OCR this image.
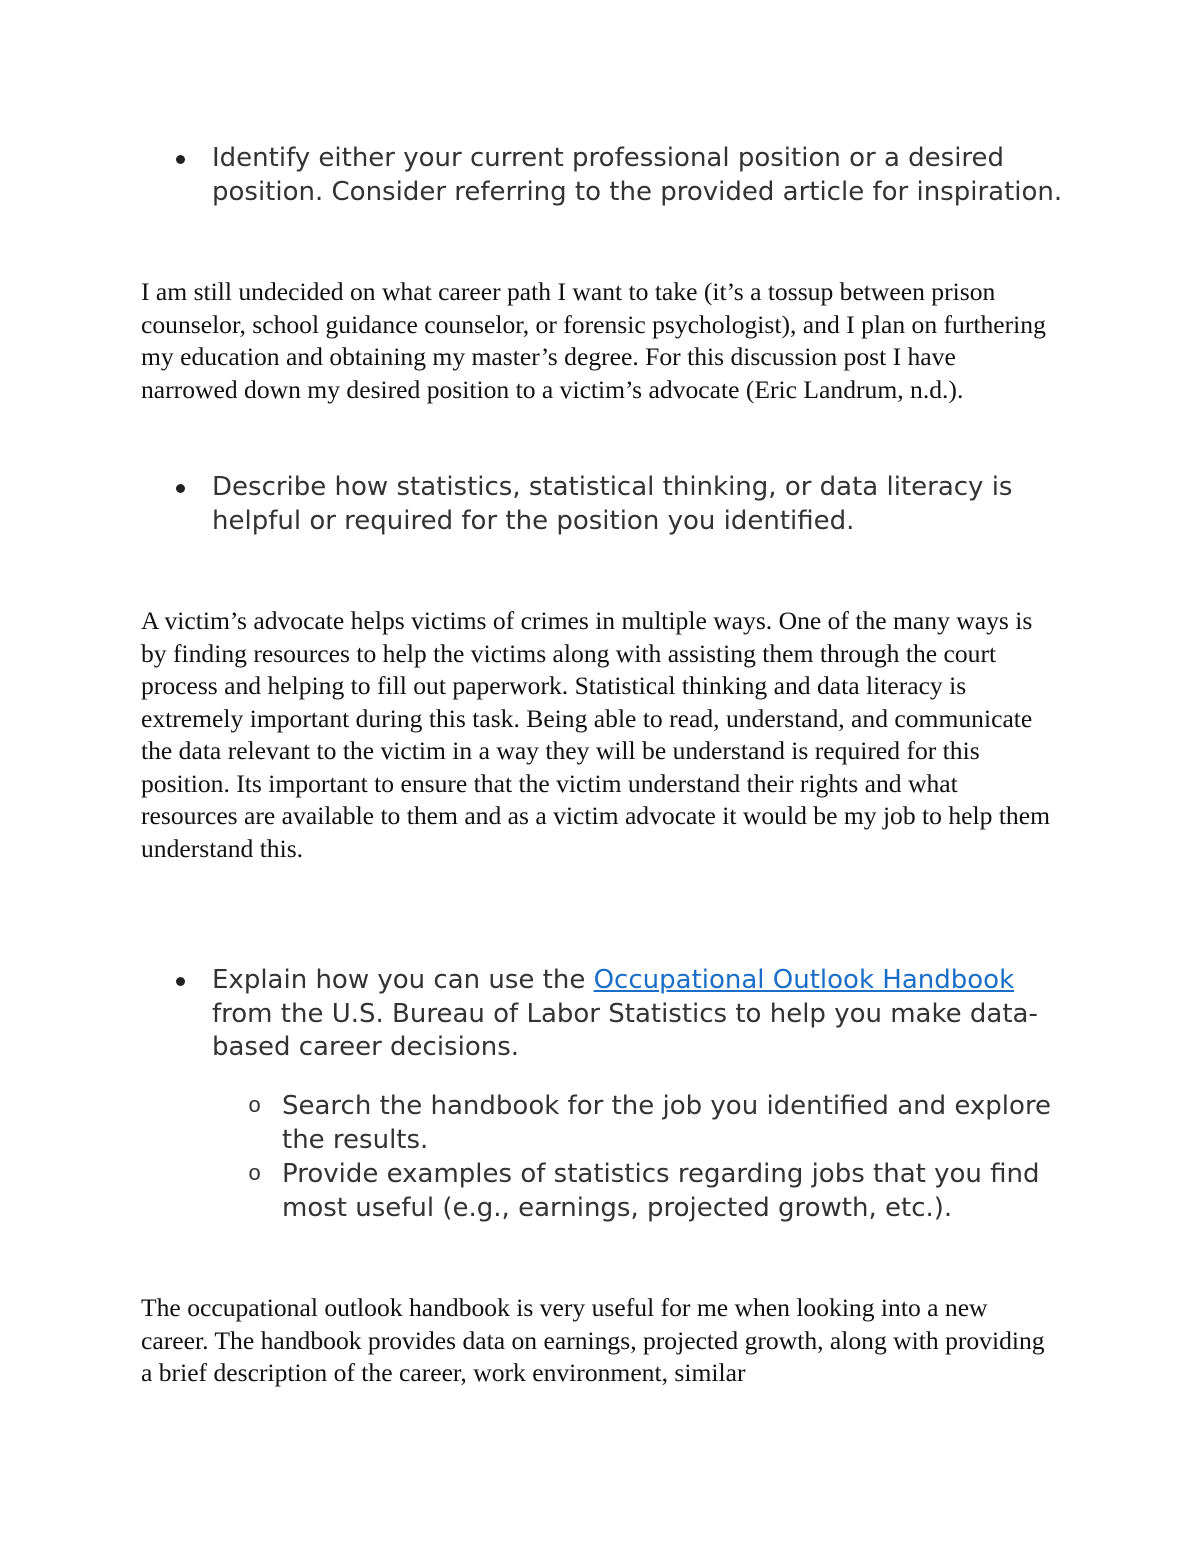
Identify either your current professional position or a desired position. Consider referring to the provided article for inspiration.
I am still undecided on what career path I want to take (it’s a tossup between prison counselor, school guidance counselor, or forensic psychologist), and I plan on furthering my education and obtaining my master’s degree. For this discussion post I have narrowed down my desired position to a victim’s advocate (Eric Landrum, n.d.).
Describe how statistics, statistical thinking, or data literacy is helpful or required for the position you identified.
A victim’s advocate helps victims of crimes in multiple ways. One of the many ways is by finding resources to help the victims along with assisting them through the court process and helping to fill out paperwork. Statistical thinking and data literacy is extremely important during this task. Being able to read, understand, and communicate the data relevant to the victim in a way they will be understand is required for this position. Its important to ensure that the victim understand their rights and what resources are available to them and as a victim advocate it would be my job to help them understand this.
Explain how you can use the Occupational Outlook Handbook from the U.S. Bureau of Labor Statistics to help you make data-based career decisions.
o Search the handbook for the job you identified and explore the results.
o Provide examples of statistics regarding jobs that you find most useful (e.g., earnings, projected growth, etc.).
The occupational outlook handbook is very useful for me when looking into a new career. The handbook provides data on earnings, projected growth, along with providing a brief description of the career, work environment, similar
